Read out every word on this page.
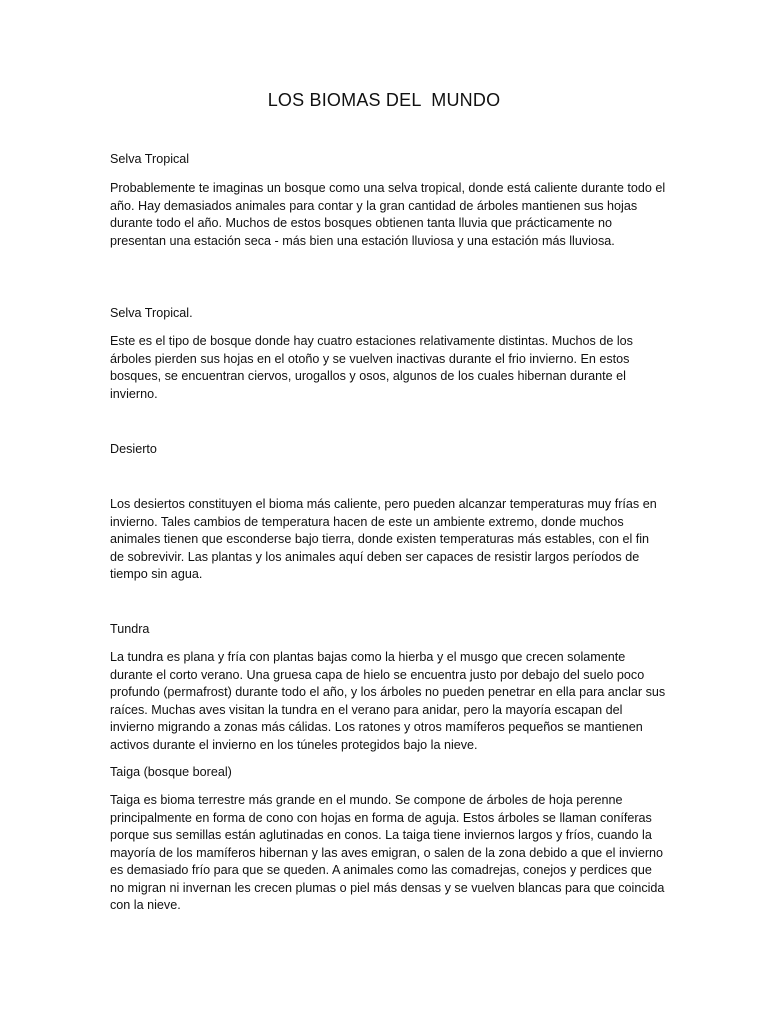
LOS BIOMAS DEL  MUNDO
Selva Tropical
Probablemente te imaginas un bosque como una selva tropical, donde está caliente durante todo el año. Hay demasiados animales para contar y la gran cantidad de árboles mantienen sus hojas durante todo el año. Muchos de estos bosques obtienen tanta lluvia que prácticamente no presentan una estación seca - más bien una estación lluviosa y una estación más lluviosa.
Selva Tropical.
Este es el tipo de bosque donde hay cuatro estaciones relativamente distintas. Muchos de los árboles pierden sus hojas en el otoño y se vuelven inactivas durante el frio invierno. En estos bosques, se encuentran ciervos, urogallos y osos, algunos de los cuales hibernan durante el invierno.
Desierto
Los desiertos constituyen el bioma más caliente, pero pueden alcanzar temperaturas muy frías en invierno. Tales cambios de temperatura hacen de este un ambiente extremo, donde muchos animales tienen que esconderse bajo tierra, donde existen temperaturas más estables, con el fin de sobrevivir. Las plantas y los animales aquí deben ser capaces de resistir largos períodos de tiempo sin agua.
Tundra
La tundra es plana y fría con plantas bajas como la hierba y el musgo que crecen solamente durante el corto verano. Una gruesa capa de hielo se encuentra justo por debajo del suelo poco profundo (permafrost) durante todo el año, y los árboles no pueden penetrar en ella para anclar sus raíces. Muchas aves visitan la tundra en el verano para anidar, pero la mayoría escapan del invierno migrando a zonas más cálidas. Los ratones y otros mamíferos pequeños se mantienen activos durante el invierno en los túneles protegidos bajo la nieve.
Taiga (bosque boreal)
Taiga es bioma terrestre más grande en el mundo. Se compone de árboles de hoja perenne principalmente en forma de cono con hojas en forma de aguja. Estos árboles se llaman coníferas porque sus semillas están aglutinadas en conos. La taiga tiene inviernos largos y fríos, cuando la mayoría de los mamíferos hibernan y las aves emigran, o salen de la zona debido a que el invierno es demasiado frío para que se queden. A animales como las comadrejas, conejos y perdices que no migran ni invernan les crecen plumas o piel más densas y se vuelven blancas para que coincida con la nieve.
